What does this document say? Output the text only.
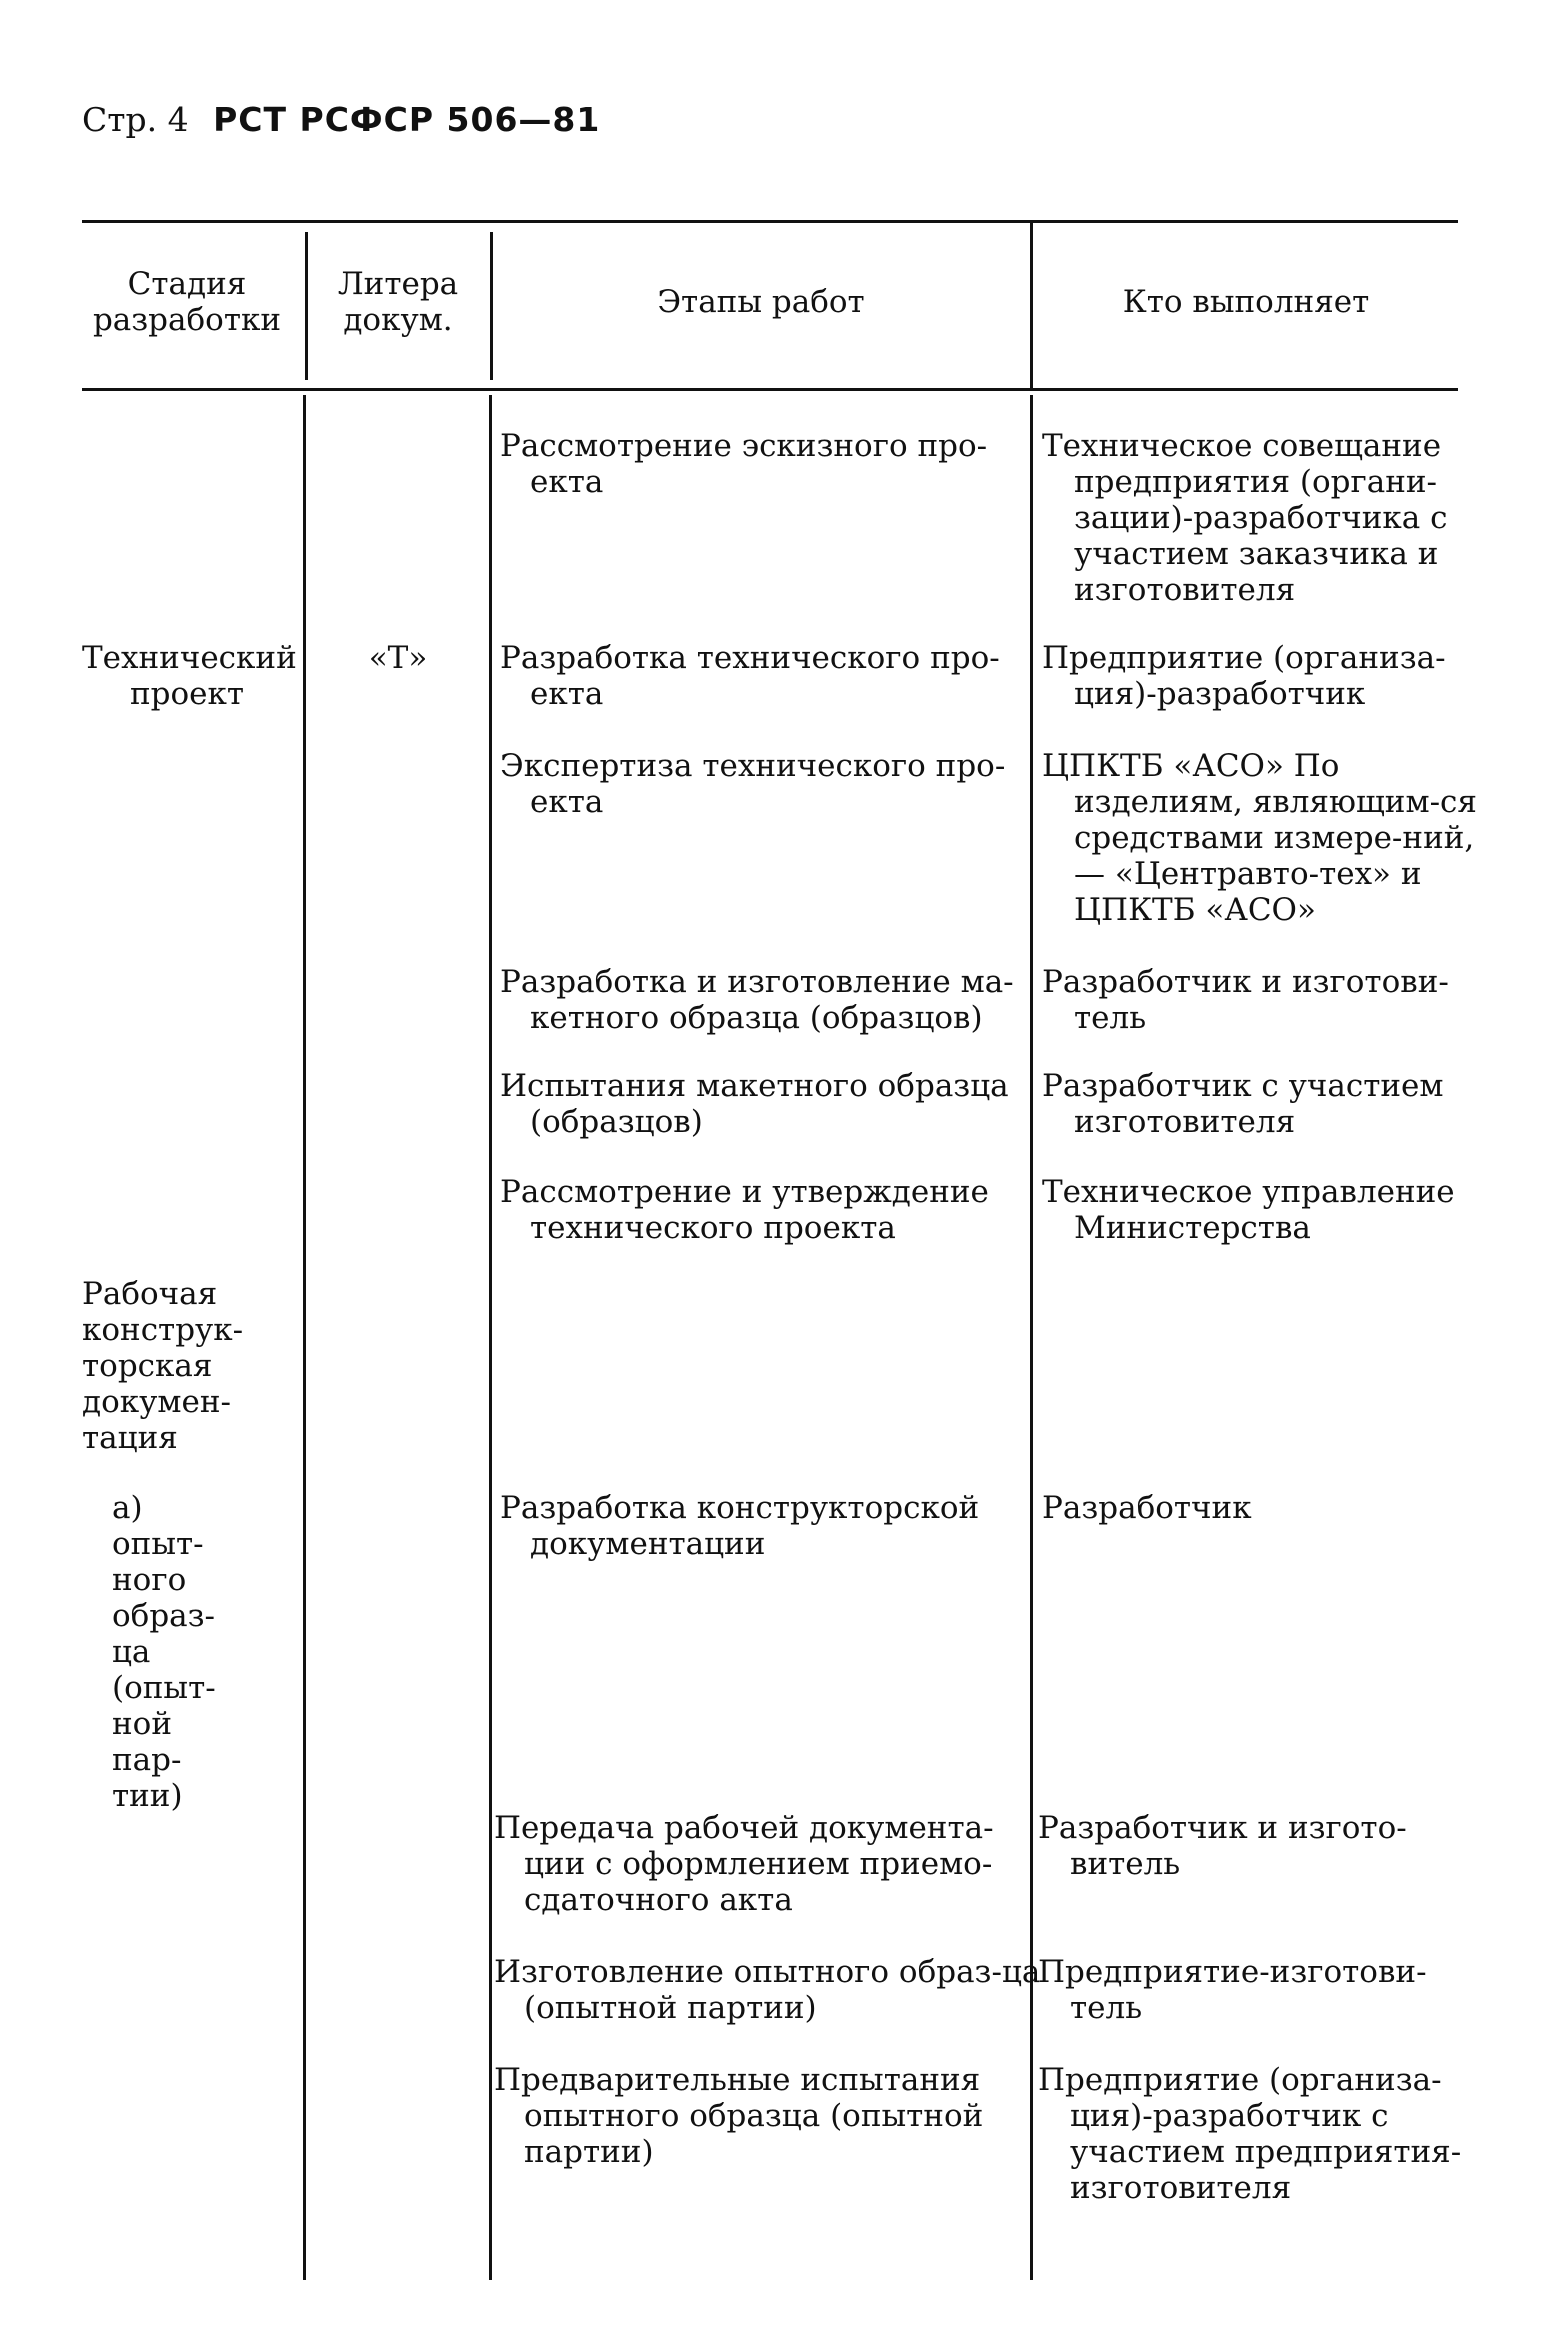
Стр. 4 РСТ РСФСР 506—81
Стадия разработки
Литера докум.	Этапы работ	Кто выполняет
Технический проект
«Т»
Рабочая конструк-торская докумен-тация
а) опыт-ного образ-ца (опыт-ной пар-тии)
Рассмотрение эскизного про-екта
Техническое совещание предприятия (органи-зации)-разработчика с участием заказчика и изготовителя
Разработка технического про-екта
Предприятие (организа-ция)-разработчик
Экспертиза технического про-екта
ЦПКТБ «АСО» По изделиям, являющим-ся средствами измере-ний, — «Центравто-тех» и ЦПКТБ «АСО»
Разработка и изготовление ма-кетного образца (образцов)
Разработчик и изготови-тель
Испытания макетного образца (образцов)
Разработчик с участием изготовителя
Рассмотрение и утверждение технического проекта
Техническое управление Министерства
Разработка конструкторской документации
Разработчик
Передача рабочей документа-ции с оформлением приемо-сдаточного акта
Разработчик и изгото-витель
Изготовление опытного образ-ца (опытной партии)
Предприятие-изготови-тель
Предварительные испытания опытного образца (опытной партии)
Предприятие (организа-ция)-разработчик с участием предприятия-изготовителя
